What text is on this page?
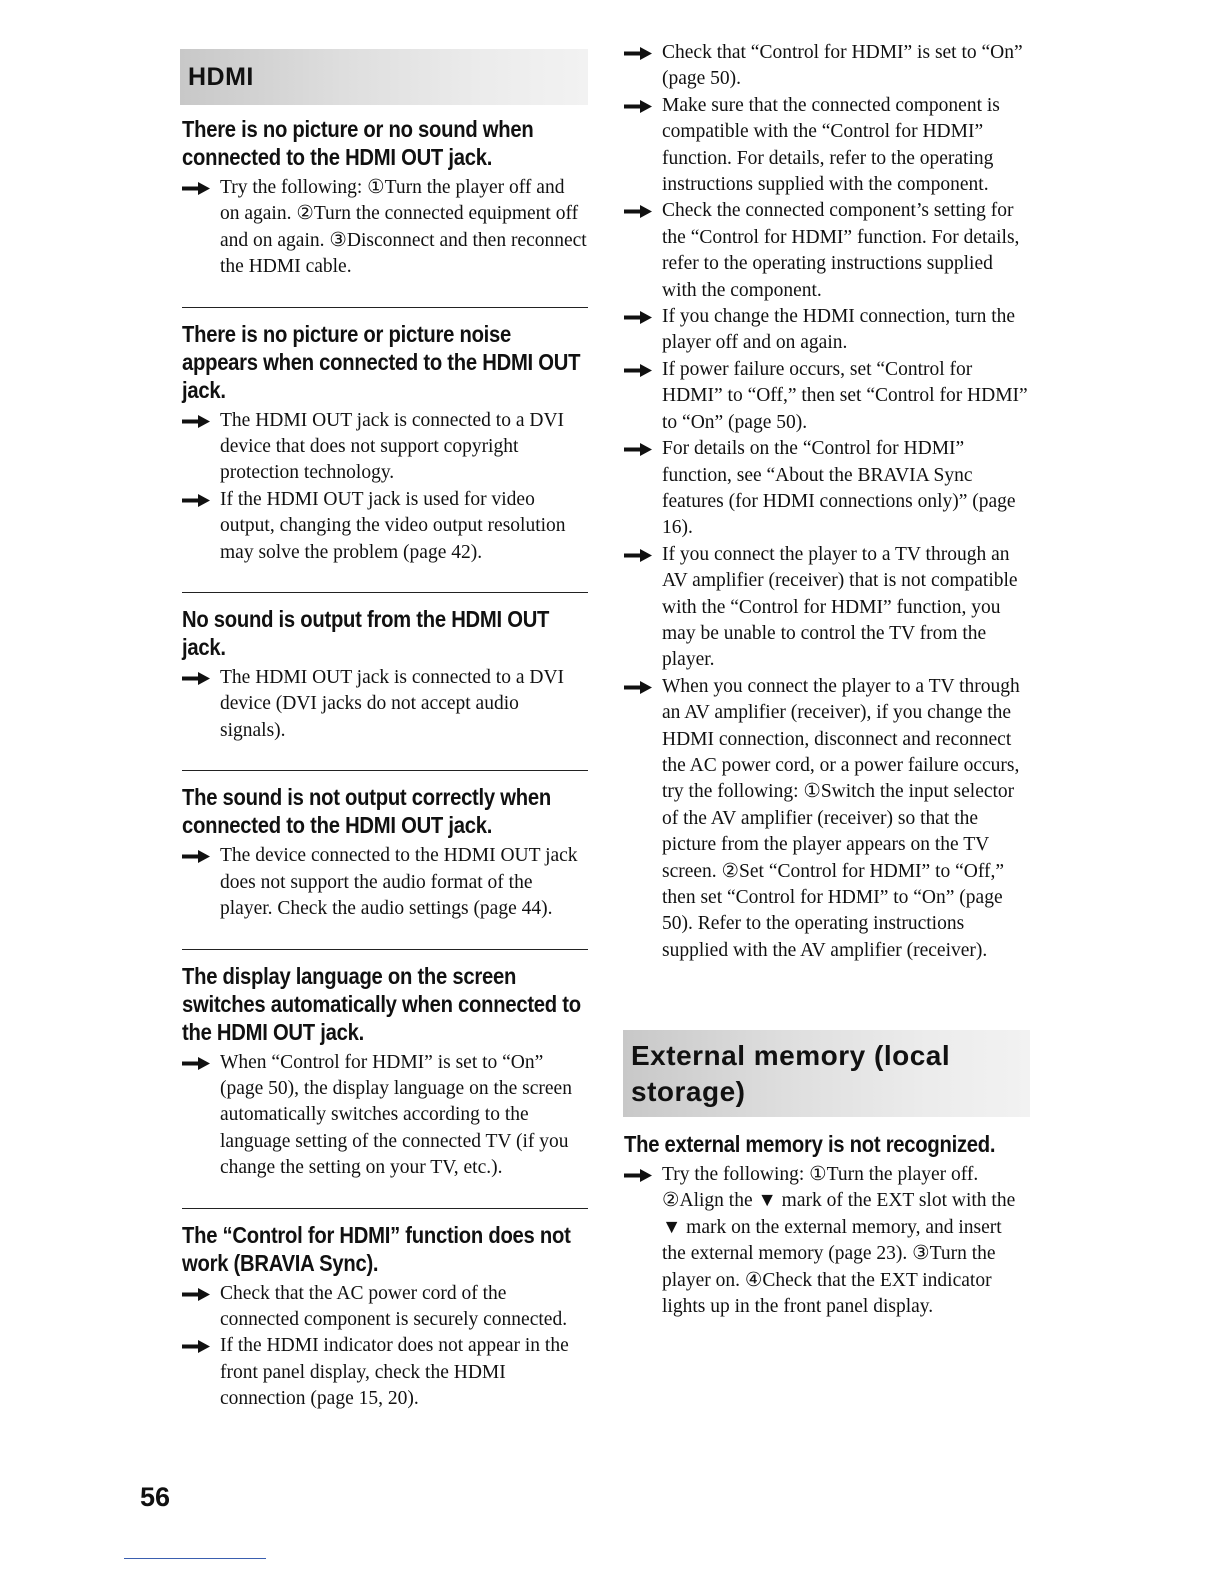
HDMI
There is no picture or no sound when connected to the HDMI OUT jack.

Try the following: ①Turn the player off and on again. ②Turn the connected equipment off and on again. ③Disconnect and then reconnect the HDMI cable.

There is no picture or picture noise appears when connected to the HDMI OUT jack.

The HDMI OUT jack is connected to a DVI device that does not support copyright protection technology.

If the HDMI OUT jack is used for video output, changing the video output resolution may solve the problem (page 42).

No sound is output from the HDMI OUT jack.

The HDMI OUT jack is connected to a DVI device (DVI jacks do not accept audio signals).

The sound is not output correctly when connected to the HDMI OUT jack.

The device connected to the HDMI OUT jack does not support the audio format of the player. Check the audio settings (page 44).

The display language on the screen switches automatically when connected to the HDMI OUT jack.

When “Control for HDMI” is set to “On” (page 50), the display language on the screen automatically switches according to the language setting of the connected TV (if you change the setting on your TV, etc.).

The “Control for HDMI” function does not work (BRAVIA Sync).

Check that the AC power cord of the connected component is securely connected.

If the HDMI indicator does not appear in the front panel display, check the HDMI connection (page 15, 20).

Check that “Control for HDMI” is set to “On” (page 50).

Make sure that the connected component is compatible with the “Control for HDMI” function. For details, refer to the operating instructions supplied with the component.

Check the connected component’s setting for the “Control for HDMI” function. For details, refer to the operating instructions supplied with the component.

If you change the HDMI connection, turn the player off and on again.

If power failure occurs, set “Control for HDMI” to “Off,” then set “Control for HDMI” to “On” (page 50).

For details on the “Control for HDMI” function, see “About the BRAVIA Sync features (for HDMI connections only)” (page 16).

If you connect the player to a TV through an AV amplifier (receiver) that is not compatible with the “Control for HDMI” function, you may be unable to control the TV from the player.

When you connect the player to a TV through an AV amplifier (receiver), if you change the HDMI connection, disconnect and reconnect the AC power cord, or a power failure occurs, try the following: ①Switch the input selector of the AV amplifier (receiver) so that the picture from the player appears on the TV screen. ②Set “Control for HDMI” to “Off,” then set “Control for HDMI” to “On” (page 50). Refer to the operating instructions supplied with the AV amplifier (receiver).

External memory (local
storage)
The external memory is not recognized.

Try the following: ①Turn the player off. ②Align the ▼ mark of the EXT slot with the ▼ mark on the external memory, and insert the external memory (page 23). ③Turn the player on. ④Check that the EXT indicator lights up in the front panel display.

56
